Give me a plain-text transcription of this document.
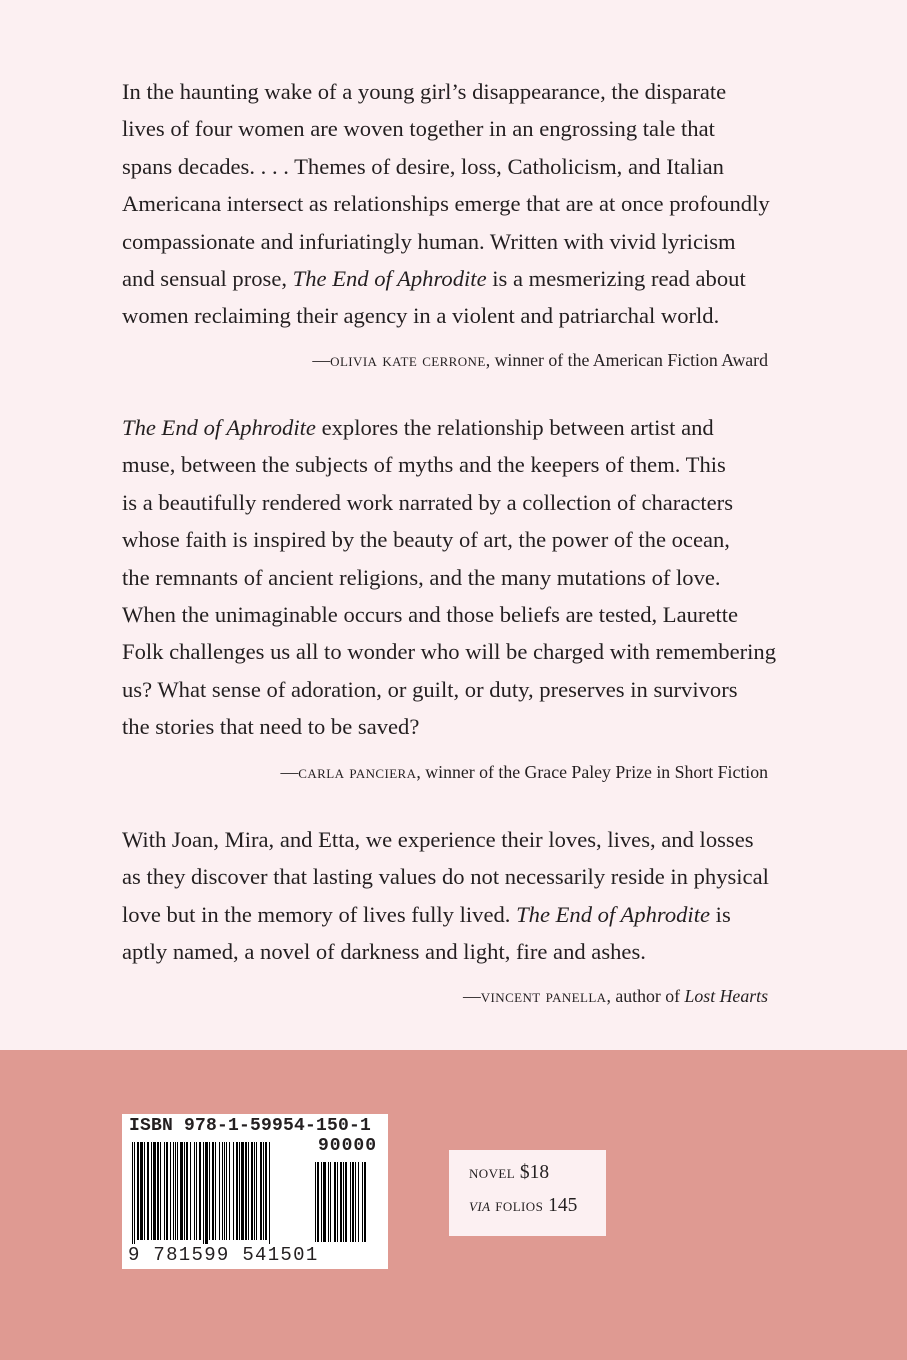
In the haunting wake of a young girl’s disappearance, the disparate
lives of four women are woven together in an engrossing tale that
spans decades. . . . Themes of desire, loss, Catholicism, and Italian
Americana intersect as relationships emerge that are at once profoundly
compassionate and infuriatingly human. Written with vivid lyricism
and sensual prose, The End of Aphrodite is a mesmerizing read about
women reclaiming their agency in a violent and patriarchal world.
—olivia kate cerrone, winner of the American Fiction Award
The End of Aphrodite explores the relationship between artist and
muse, between the subjects of myths and the keepers of them. This
is a beautifully rendered work narrated by a collection of characters
whose faith is inspired by the beauty of art, the power of the ocean,
the remnants of ancient religions, and the many mutations of love.
When the unimaginable occurs and those beliefs are tested, Laurette
Folk challenges us all to wonder who will be charged with remembering
us? What sense of adoration, or guilt, or duty, preserves in survivors
the stories that need to be saved?
—carla panciera, winner of the Grace Paley Prize in Short Fiction
With Joan, Mira, and Etta, we experience their loves, lives, and losses
as they discover that lasting values do not necessarily reside in physical
love but in the memory of lives fully lived. The End of Aphrodite is
aptly named, a novel of darkness and light, fire and ashes.
—vincent panella, author of Lost Hearts
ISBN 978-1-59954-150-1
90000
9 781599 541501
novel $18
via folios 145
